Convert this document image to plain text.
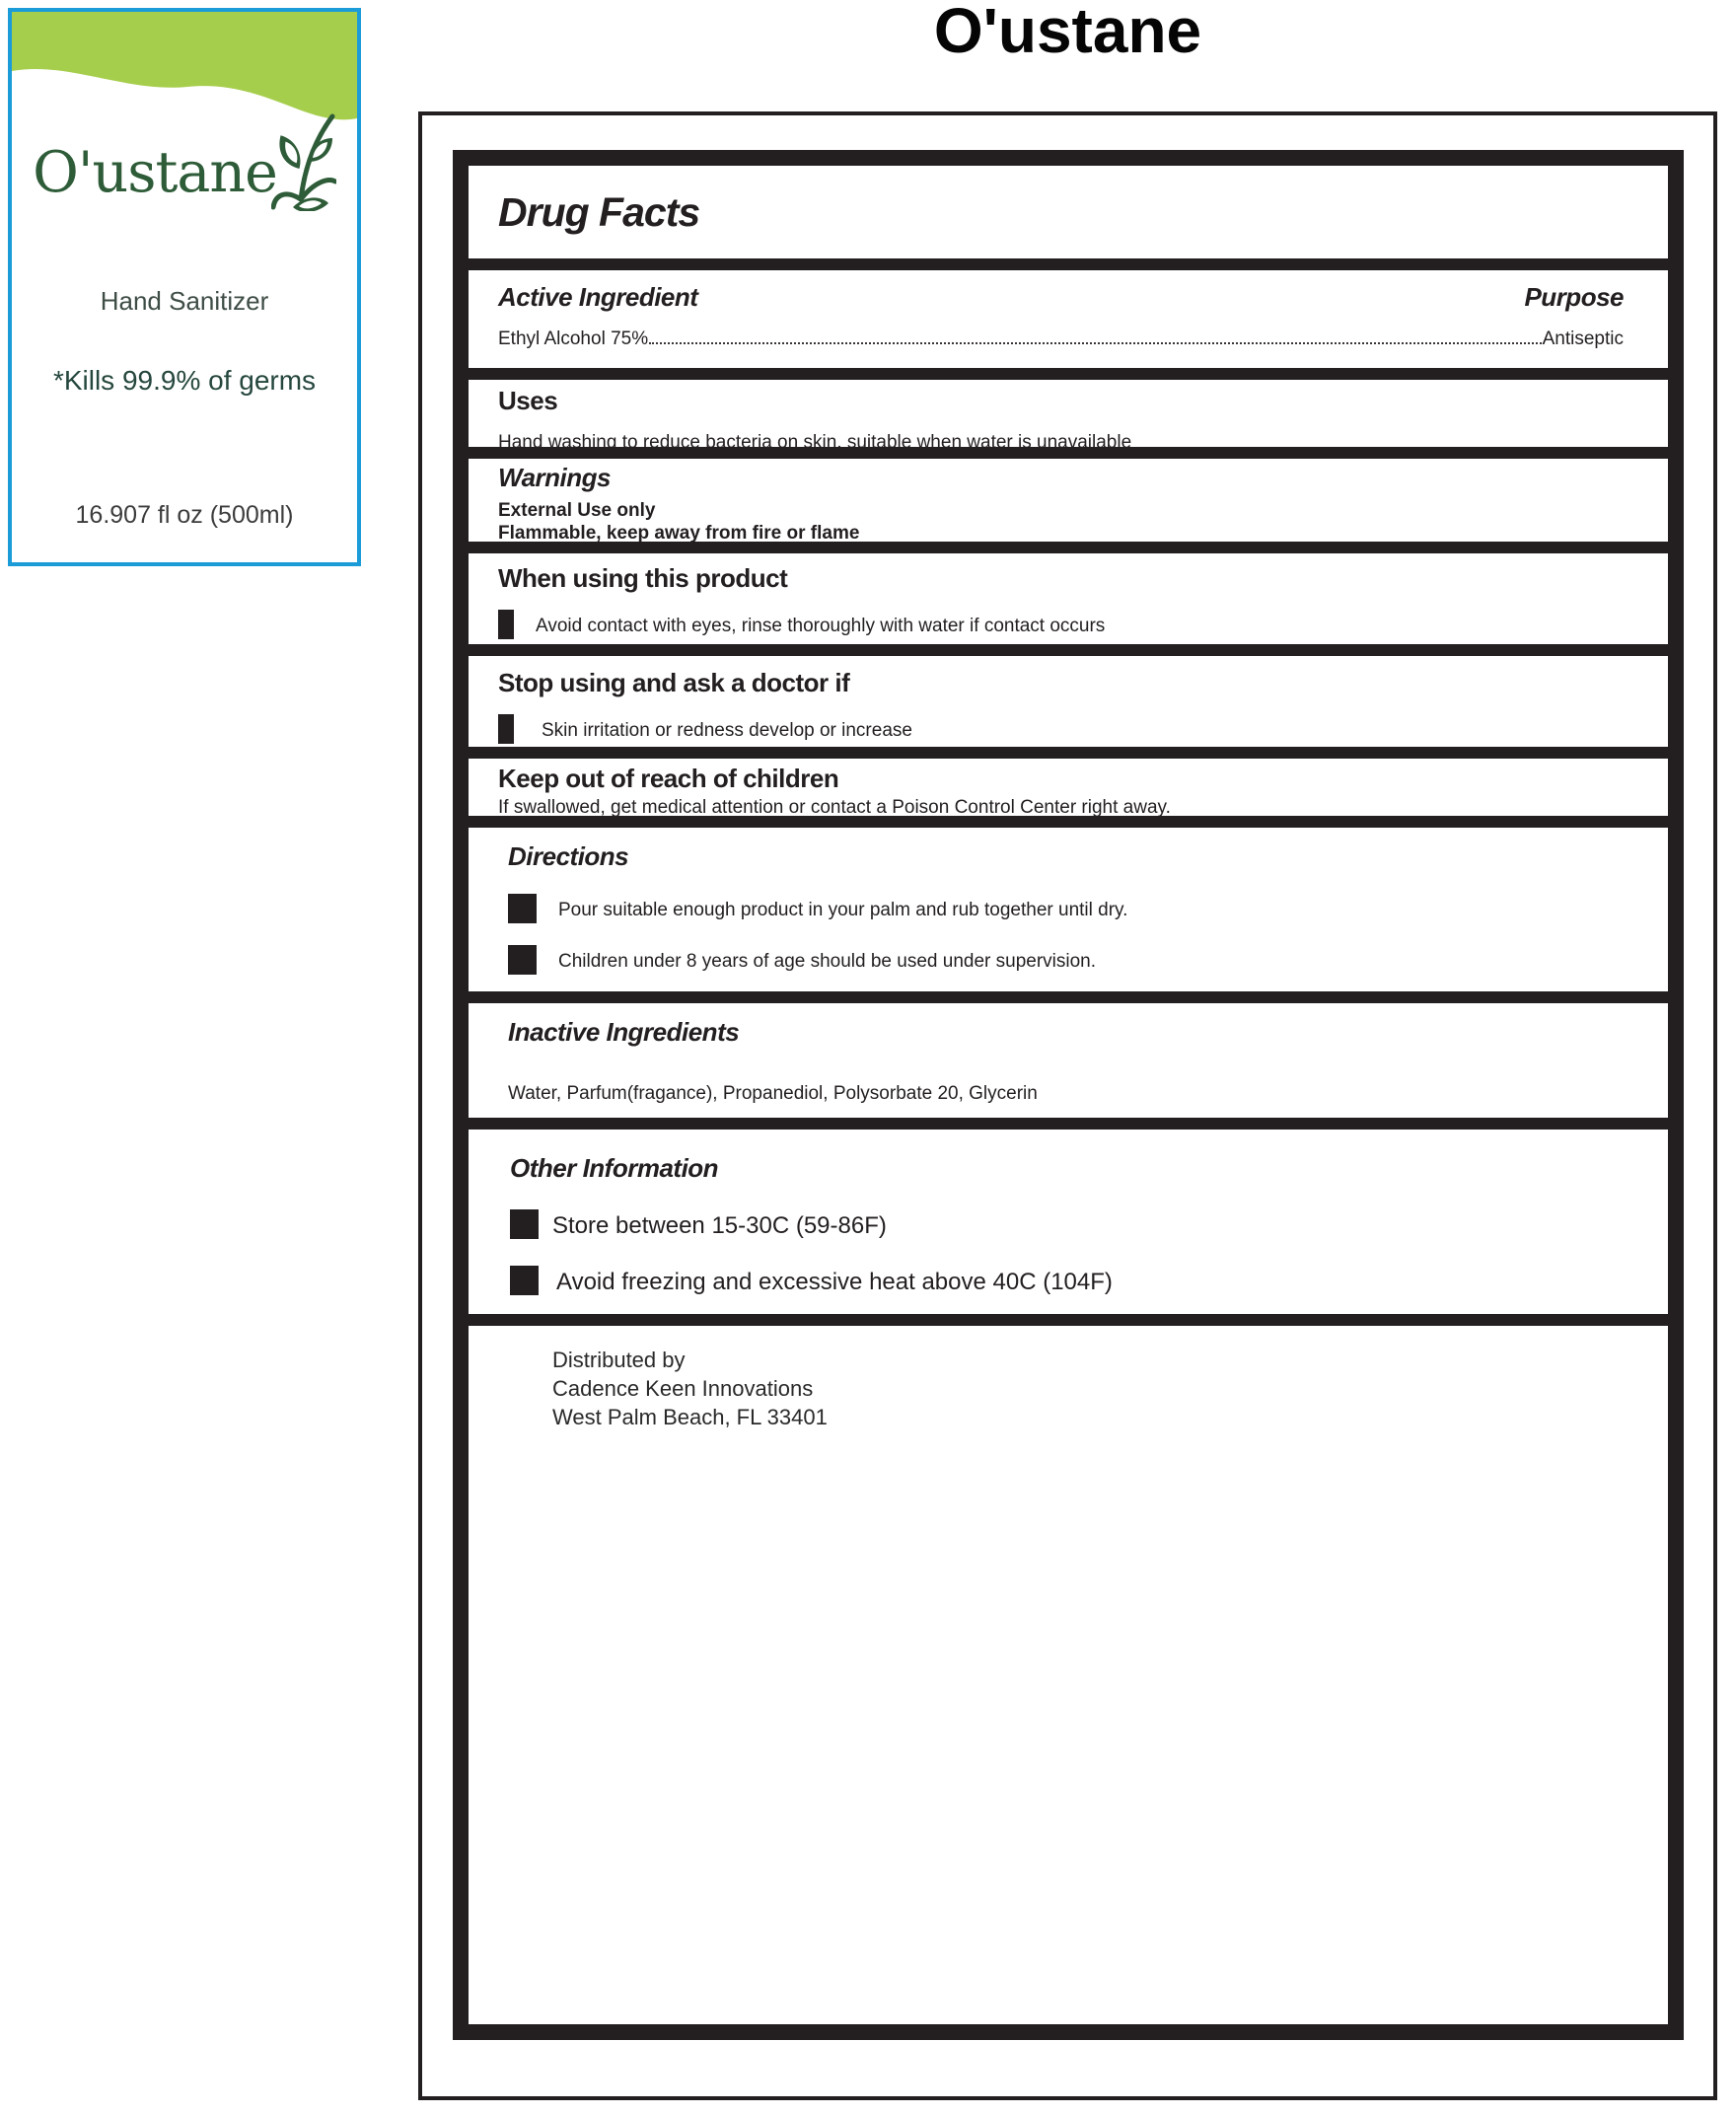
O'ustane
O'ustane
Hand Sanitizer
*Kills 99.9% of germs
16.907 fl oz (500ml)
Drug Facts
Active Ingredient	Purpose
Ethyl Alcohol 75%	Antiseptic
Uses
Hand washing to reduce bacteria on skin, suitable when water is unavailable
Warnings
External Use only
Flammable, keep away from fire or flame
When using this product
Avoid contact with eyes, rinse thoroughly with water if contact occurs
Stop using and ask a doctor if
Skin irritation or redness develop or increase
Keep out of reach of children
If swallowed, get medical attention or contact a Poison Control Center right away.
Directions
Pour suitable enough product in your palm and rub together until dry.
Children under 8 years of age should be used under supervision.
Inactive Ingredients
Water, Parfum(fragance), Propanediol, Polysorbate 20, Glycerin
Other Information
Store between 15-30C (59-86F)
Avoid freezing and excessive heat above 40C (104F)
Distributed by
Cadence Keen Innovations
West Palm Beach, FL 33401
